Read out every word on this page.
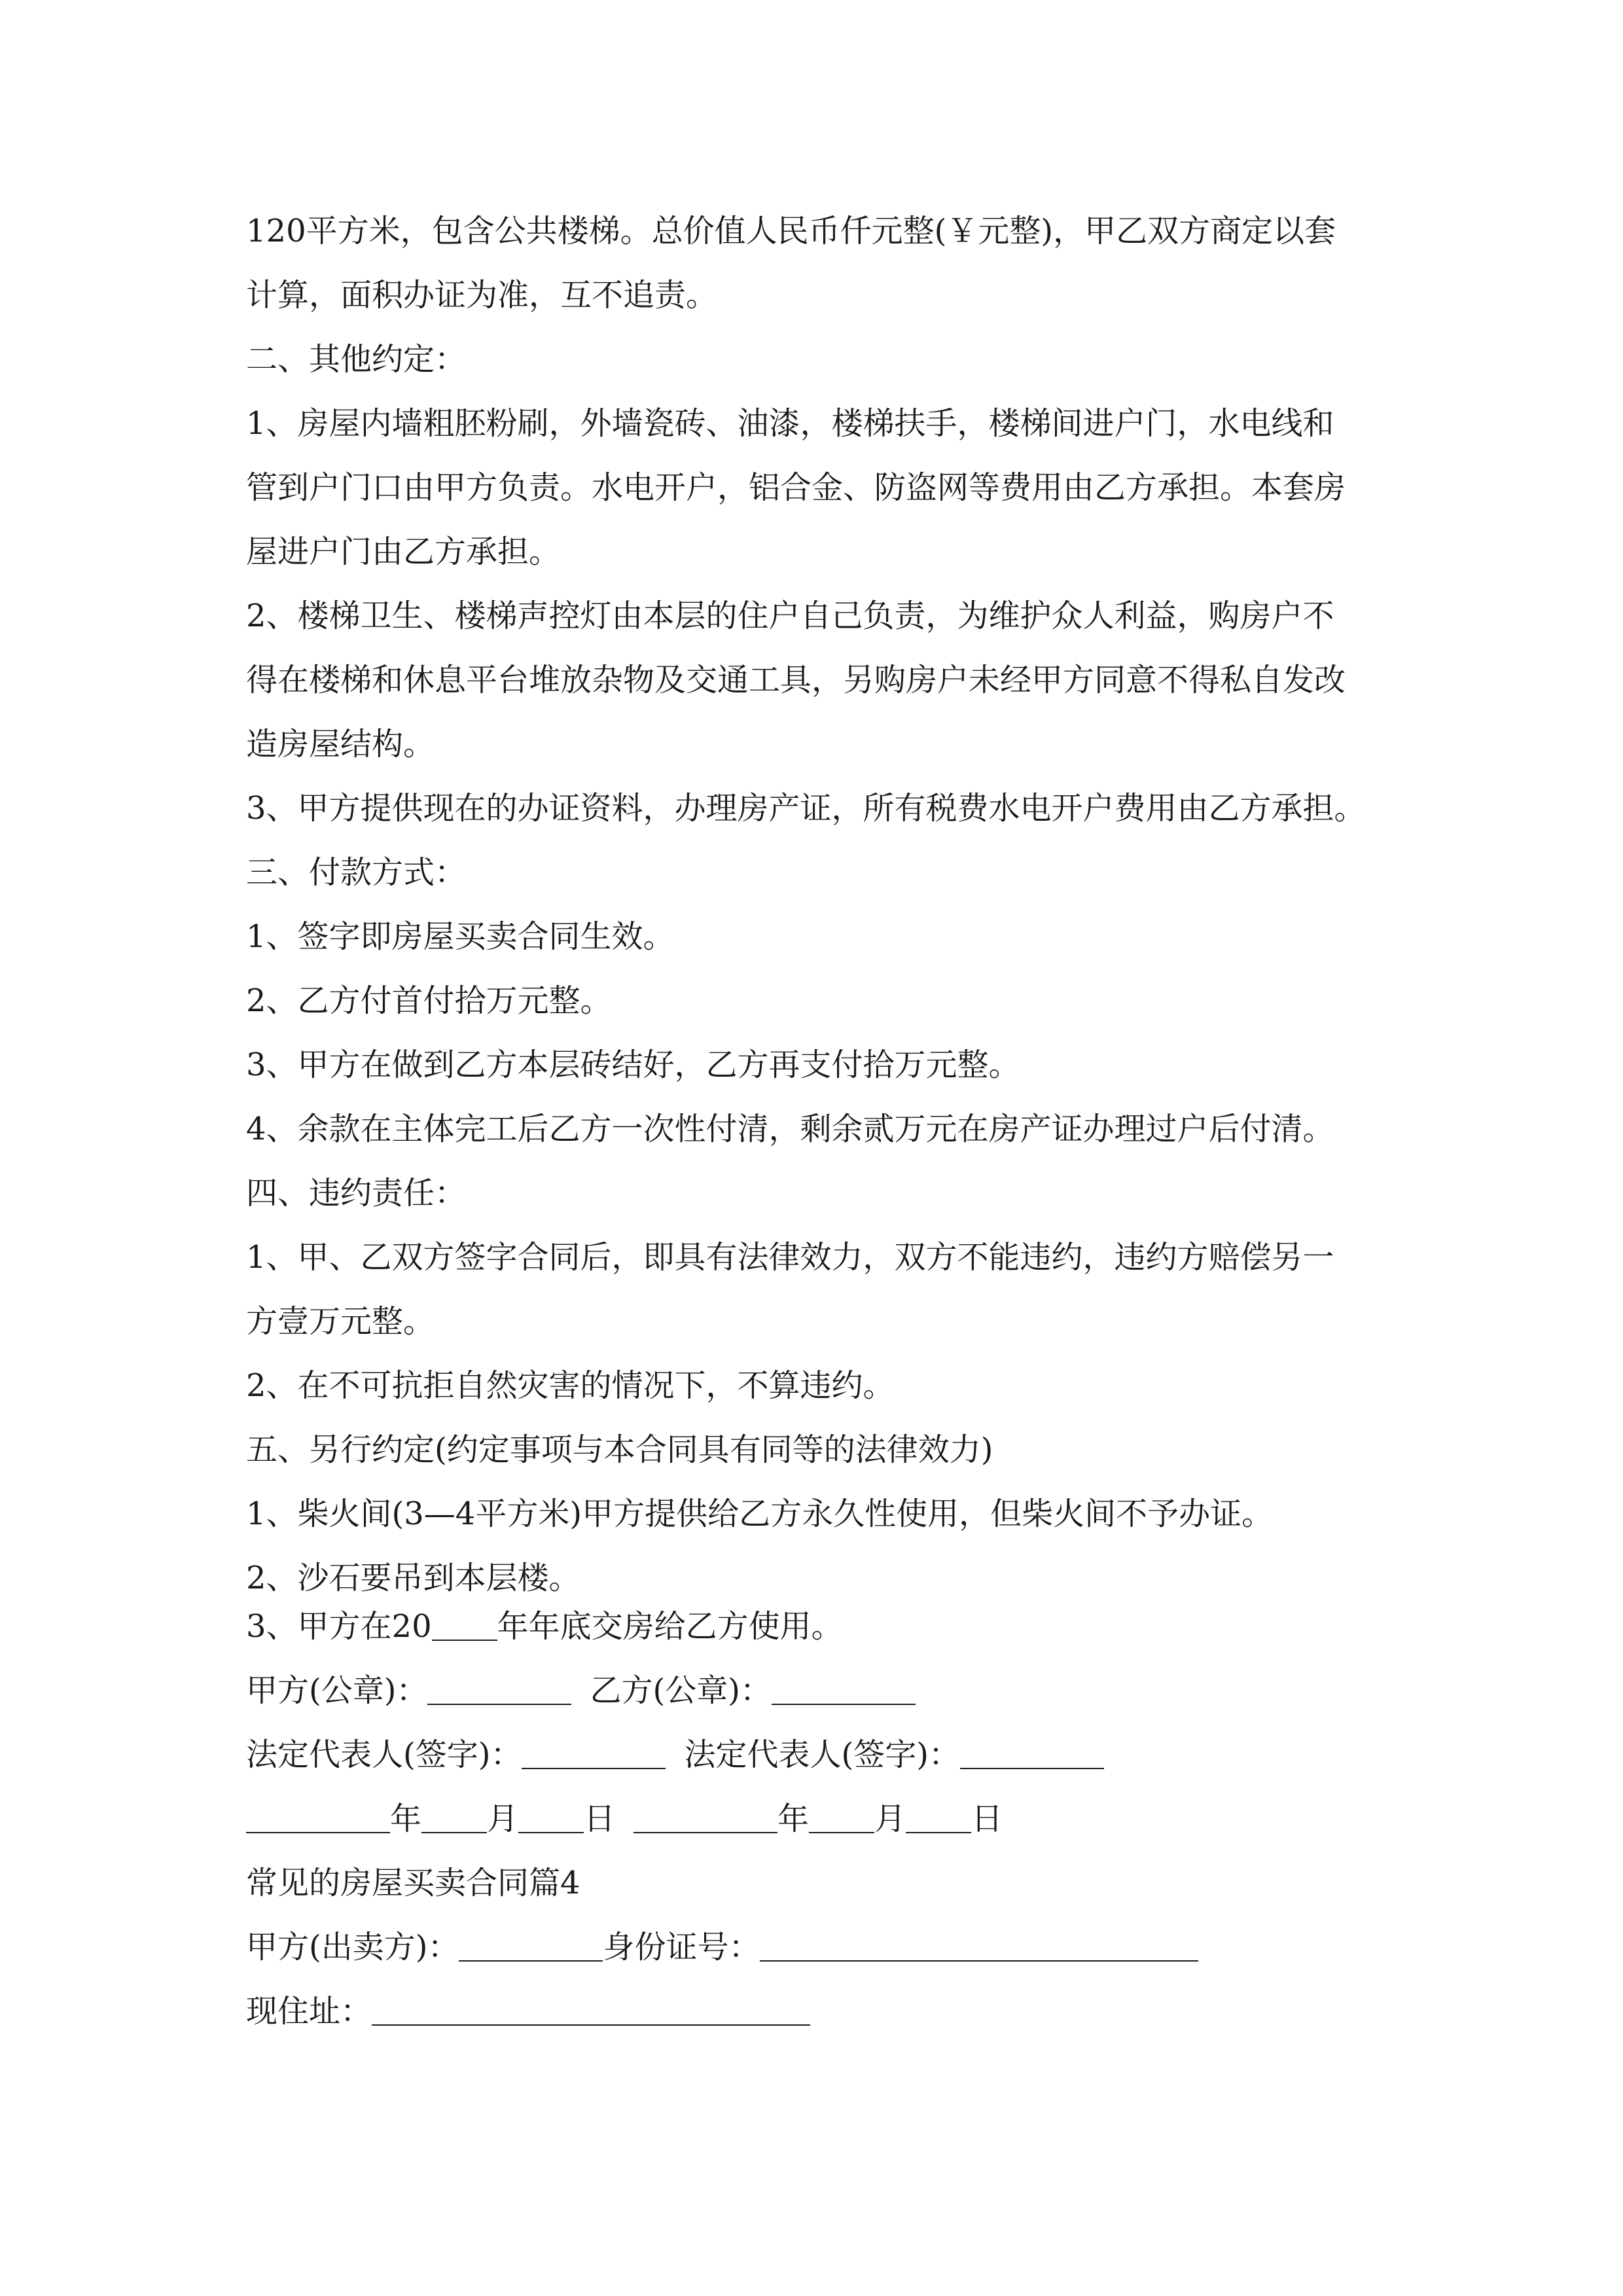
120平方米，包含公共楼梯。总价值人民币仟元整(￥元整)，甲乙双方商定以套
计算，面积办证为准，互不追责。
二、其他约定：
1、房屋内墙粗胚粉刷，外墙瓷砖、油漆，楼梯扶手，楼梯间进户门，水电线和
管到户门口由甲方负责。水电开户，铝合金、防盗网等费用由乙方承担。本套房
屋进户门由乙方承担。
2、楼梯卫生、楼梯声控灯由本层的住户自己负责，为维护众人利益，购房户不
得在楼梯和休息平台堆放杂物及交通工具，另购房户未经甲方同意不得私自发改
造房屋结构。
3、甲方提供现在的办证资料，办理房产证，所有税费水电开户费用由乙方承担。
三、付款方式：
1、签字即房屋买卖合同生效。
2、乙方付首付拾万元整。
3、甲方在做到乙方本层砖结好，乙方再支付拾万元整。
4、余款在主体完工后乙方一次性付清，剩余贰万元在房产证办理过户后付清。
四、违约责任：
1、甲、乙双方签字合同后，即具有法律效力，双方不能违约，违约方赔偿另一
方壹万元整。
2、在不可抗拒自然灾害的情况下，不算违约。
五、另行约定(约定事项与本合同具有同等的法律效力)
1、柴火间(3—4平方米)甲方提供给乙方永久性使用，但柴火间不予办证。
2、沙石要吊到本层楼。
3、甲方在20 年年底交房给乙方使用。
甲方(公章)：	乙方(公章)：
法定代表人(签字)：	法定代表人(签字)：
年 月 日	年 月 日
常见的房屋买卖合同篇4
甲方(出卖方)：	身份证号：
现住址：
